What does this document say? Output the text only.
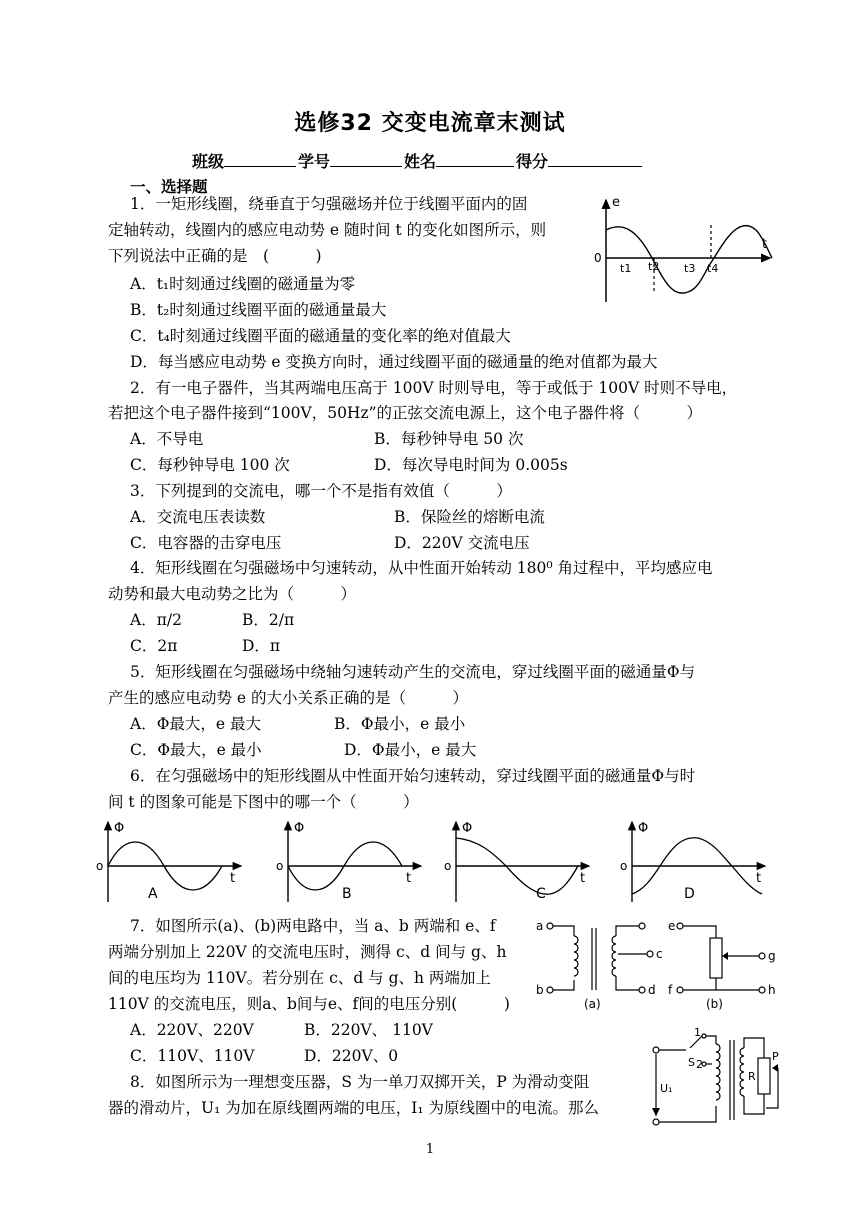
选修32 交变电流章末测试
班级	学号	姓名	得分
一、选择题
1．一矩形线圈，绕垂直于匀强磁场并位于线圈平面内的固
定轴转动，线圈内的感应电动势 e 随时间 t 的变化如图所示，则
下列说法中正确的是　(　　　)
A．t₁时刻通过线圈的磁通量为零
B．t₂时刻通过线圈平面的磁通量最大
C．t₄时刻通过线圈平面的磁通量的变化率的绝对值最大
D．每当感应电动势 e 变换方向时，通过线圈平面的磁通量的绝对值都为最大
e
t
0
t1 t2 t3 t4
2．有一电子器件，当其两端电压高于 100V 时则导电，等于或低于 100V 时则不导电，
若把这个电子器件接到“100V，50Hz”的正弦交流电源上，这个电子器件将（　　　）
A．不导电	B．每秒钟导电 50 次
C．每秒钟导电 100 次	D．每次导电时间为 0.005s
3．下列提到的交流电，哪一个不是指有效值（　　　）
A．交流电压表读数	B．保险丝的熔断电流
C．电容器的击穿电压	D．220V 交流电压
4．矩形线圈在匀强磁场中匀速转动，从中性面开始转动 180⁰ 角过程中，平均感应电
动势和最大电动势之比为（　　　）
A．π/2	B．2/π
C．2π	D．π
5．矩形线圈在匀强磁场中绕轴匀速转动产生的交流电，穿过线圈平面的磁通量Φ与
产生的感应电动势 e 的大小关系正确的是（　　　）
A．Φ最大，e 最大	B．Φ最小，e 最小
C．Φ最大，e 最小	D．Φ最小，e 最大
6．在匀强磁场中的矩形线圈从中性面开始匀速转动，穿过线圈平面的磁通量Φ与时
间 t 的图象可能是下图中的哪一个（　　　）
Φ
t
o
A
Φ
t
o
B
Φ
t
o
C
Φ
t
o
D
7．如图所示(a)、(b)两电路中，当 a、b 两端和 e、f
两端分别加上 220V 的交流电压时，测得 c、d 间与 g、h
间的电压均为 110V。若分别在 c、d 与 g、h 两端加上
110V 的交流电压，则a、b间与e、f间的电压分别(　　　)
A．220V、220V	B．220V、 110V
C．110V、110V	D．220V、0
a
b
c
d
e
f
g
h
(a)	(b)
8．如图所示为一理想变压器，S 为一单刀双掷开关，P 为滑动变阻
器的滑动片，U₁ 为加在原线圈两端的电压，I₁ 为原线圈中的电流。那么
S
1
2
U₁
R
P
1
